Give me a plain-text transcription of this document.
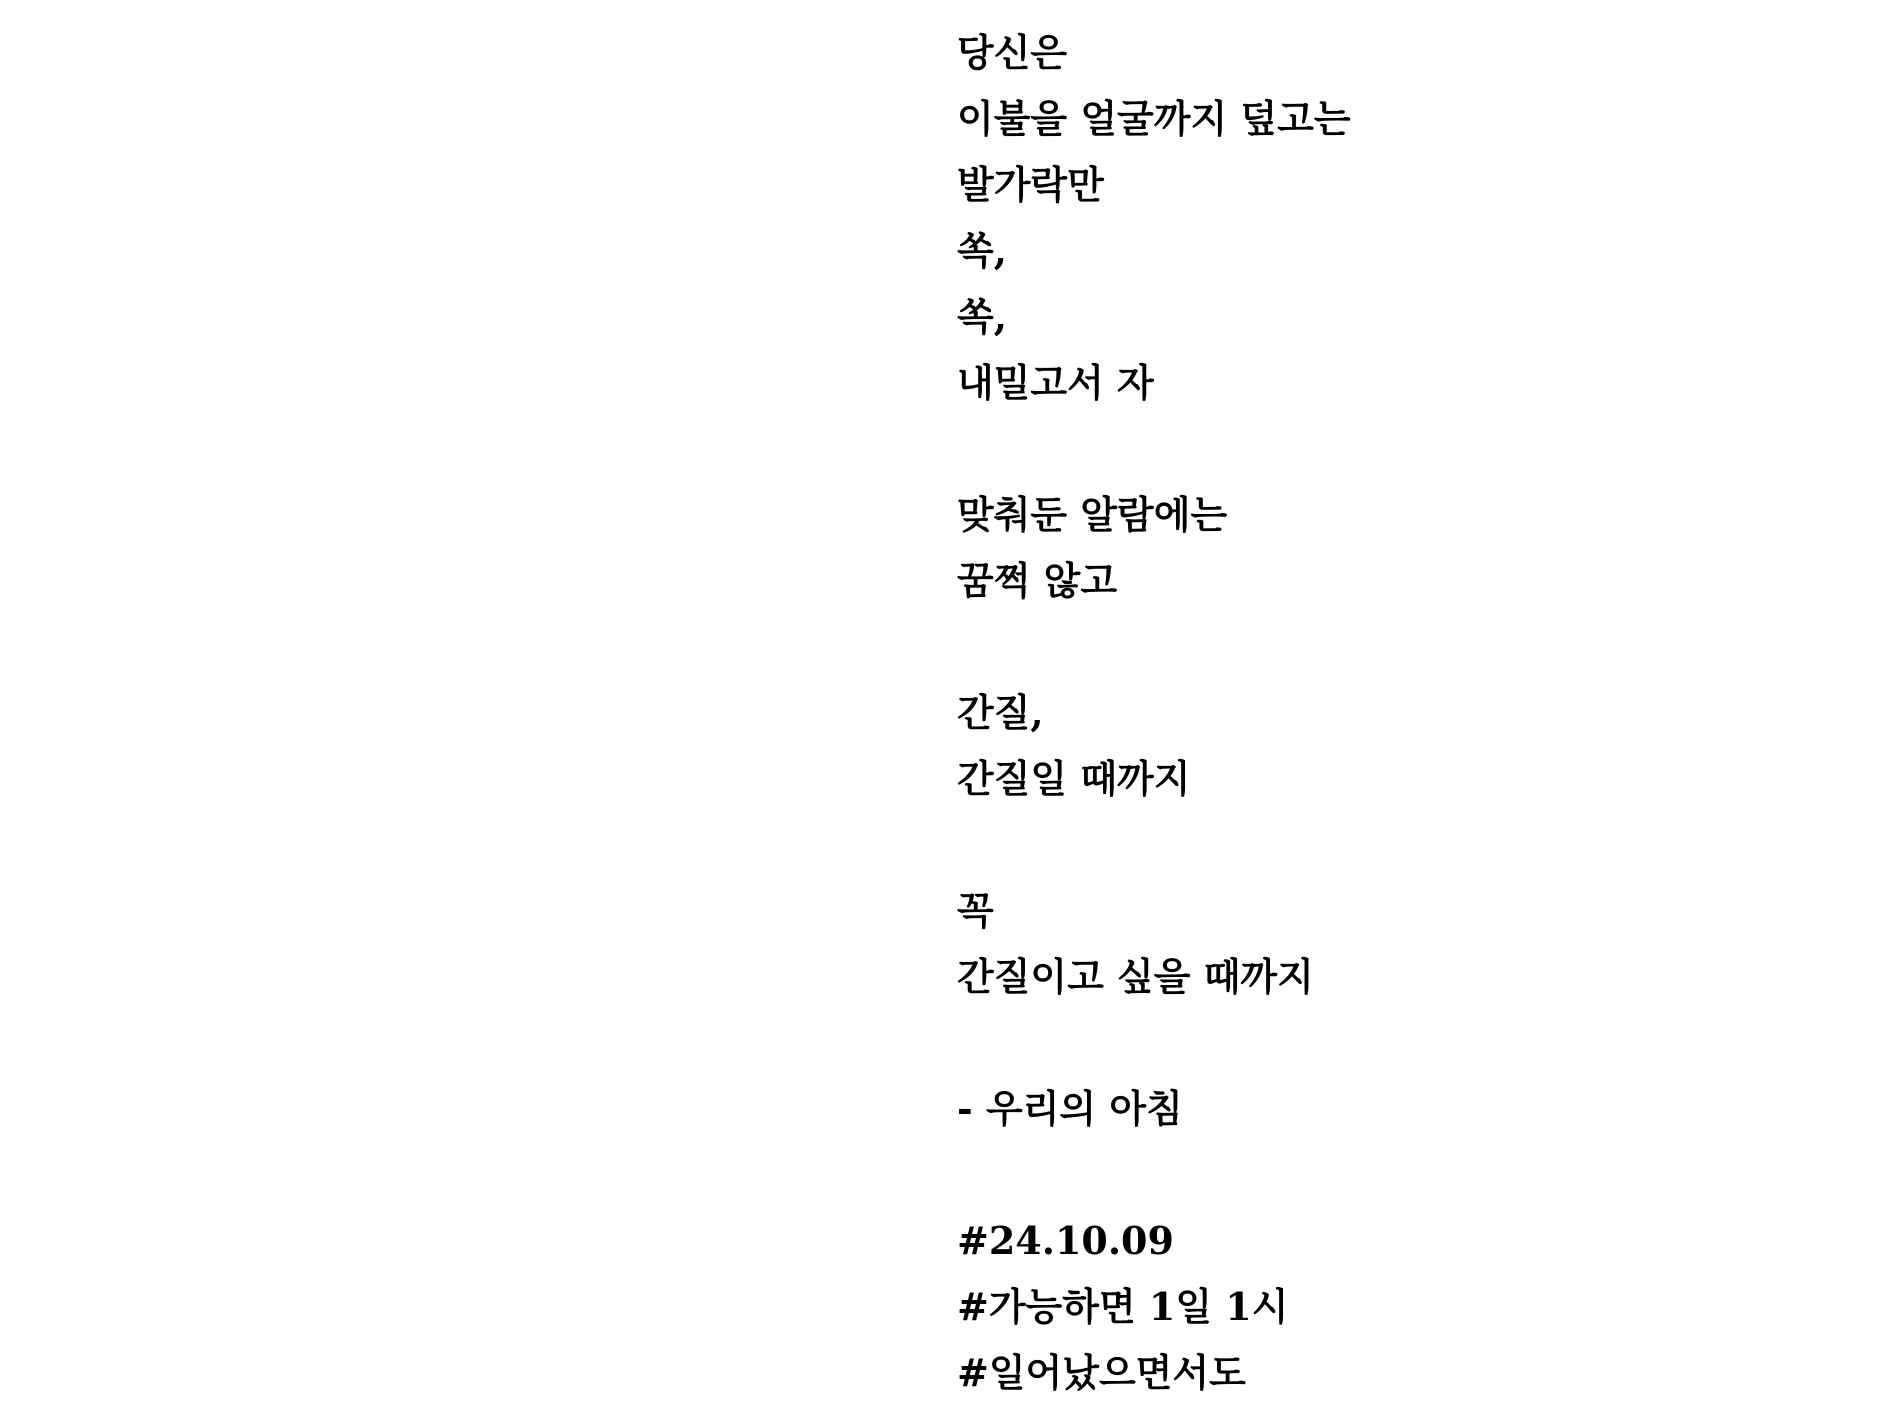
당신은
이불을 얼굴까지 덮고는
발가락만
쏙,
쏙,
내밀고서 자
맞춰둔 알람에는
꿈쩍 않고
간질,
간질일 때까지
꼭
간질이고 싶을 때까지
- 우리의 아침
#24.10.09
#가능하면 1일 1시
#일어났으면서도
